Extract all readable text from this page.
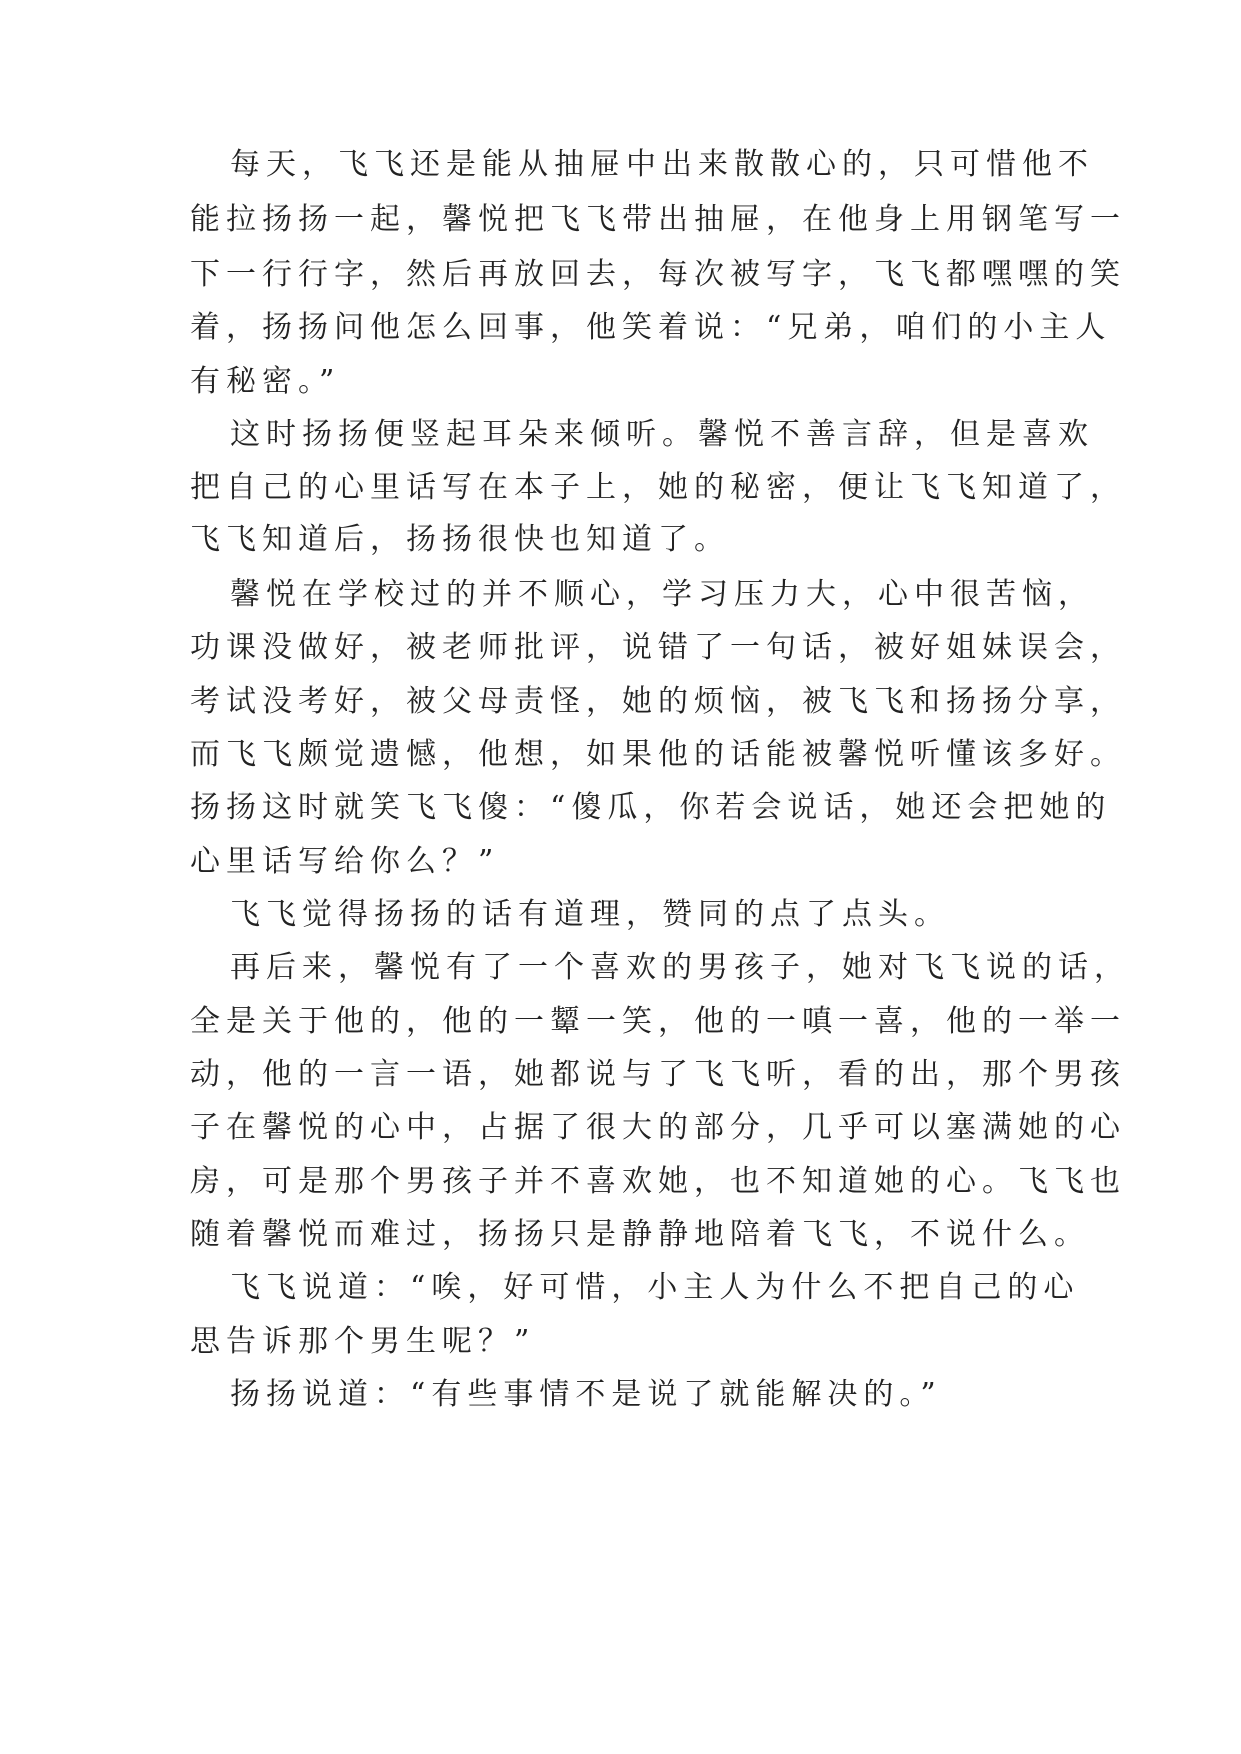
每天，飞飞还是能从抽屉中出来散散心的，只可惜他不
能拉扬扬一起，馨悦把飞飞带出抽屉，在他身上用钢笔写一
下一行行字，然后再放回去，每次被写字，飞飞都嘿嘿的笑
着，扬扬问他怎么回事，他笑着说：“兄弟，咱们的小主人
有秘密。”
这时扬扬便竖起耳朵来倾听。馨悦不善言辞，但是喜欢
把自己的心里话写在本子上，她的秘密，便让飞飞知道了，
飞飞知道后，扬扬很快也知道了。
馨悦在学校过的并不顺心，学习压力大，心中很苦恼，
功课没做好，被老师批评，说错了一句话，被好姐妹误会，
考试没考好，被父母责怪，她的烦恼，被飞飞和扬扬分享，
而飞飞颇觉遗憾，他想，如果他的话能被馨悦听懂该多好。
扬扬这时就笑飞飞傻：“傻瓜，你若会说话，她还会把她的
心里话写给你么？”
飞飞觉得扬扬的话有道理，赞同的点了点头。
再后来，馨悦有了一个喜欢的男孩子，她对飞飞说的话，
全是关于他的，他的一颦一笑，他的一嗔一喜，他的一举一
动，他的一言一语，她都说与了飞飞听，看的出，那个男孩
子在馨悦的心中，占据了很大的部分，几乎可以塞满她的心
房，可是那个男孩子并不喜欢她，也不知道她的心。飞飞也
随着馨悦而难过，扬扬只是静静地陪着飞飞，不说什么。
飞飞说道：“唉，好可惜，小主人为什么不把自己的心
思告诉那个男生呢？”
扬扬说道：“有些事情不是说了就能解决的。”
